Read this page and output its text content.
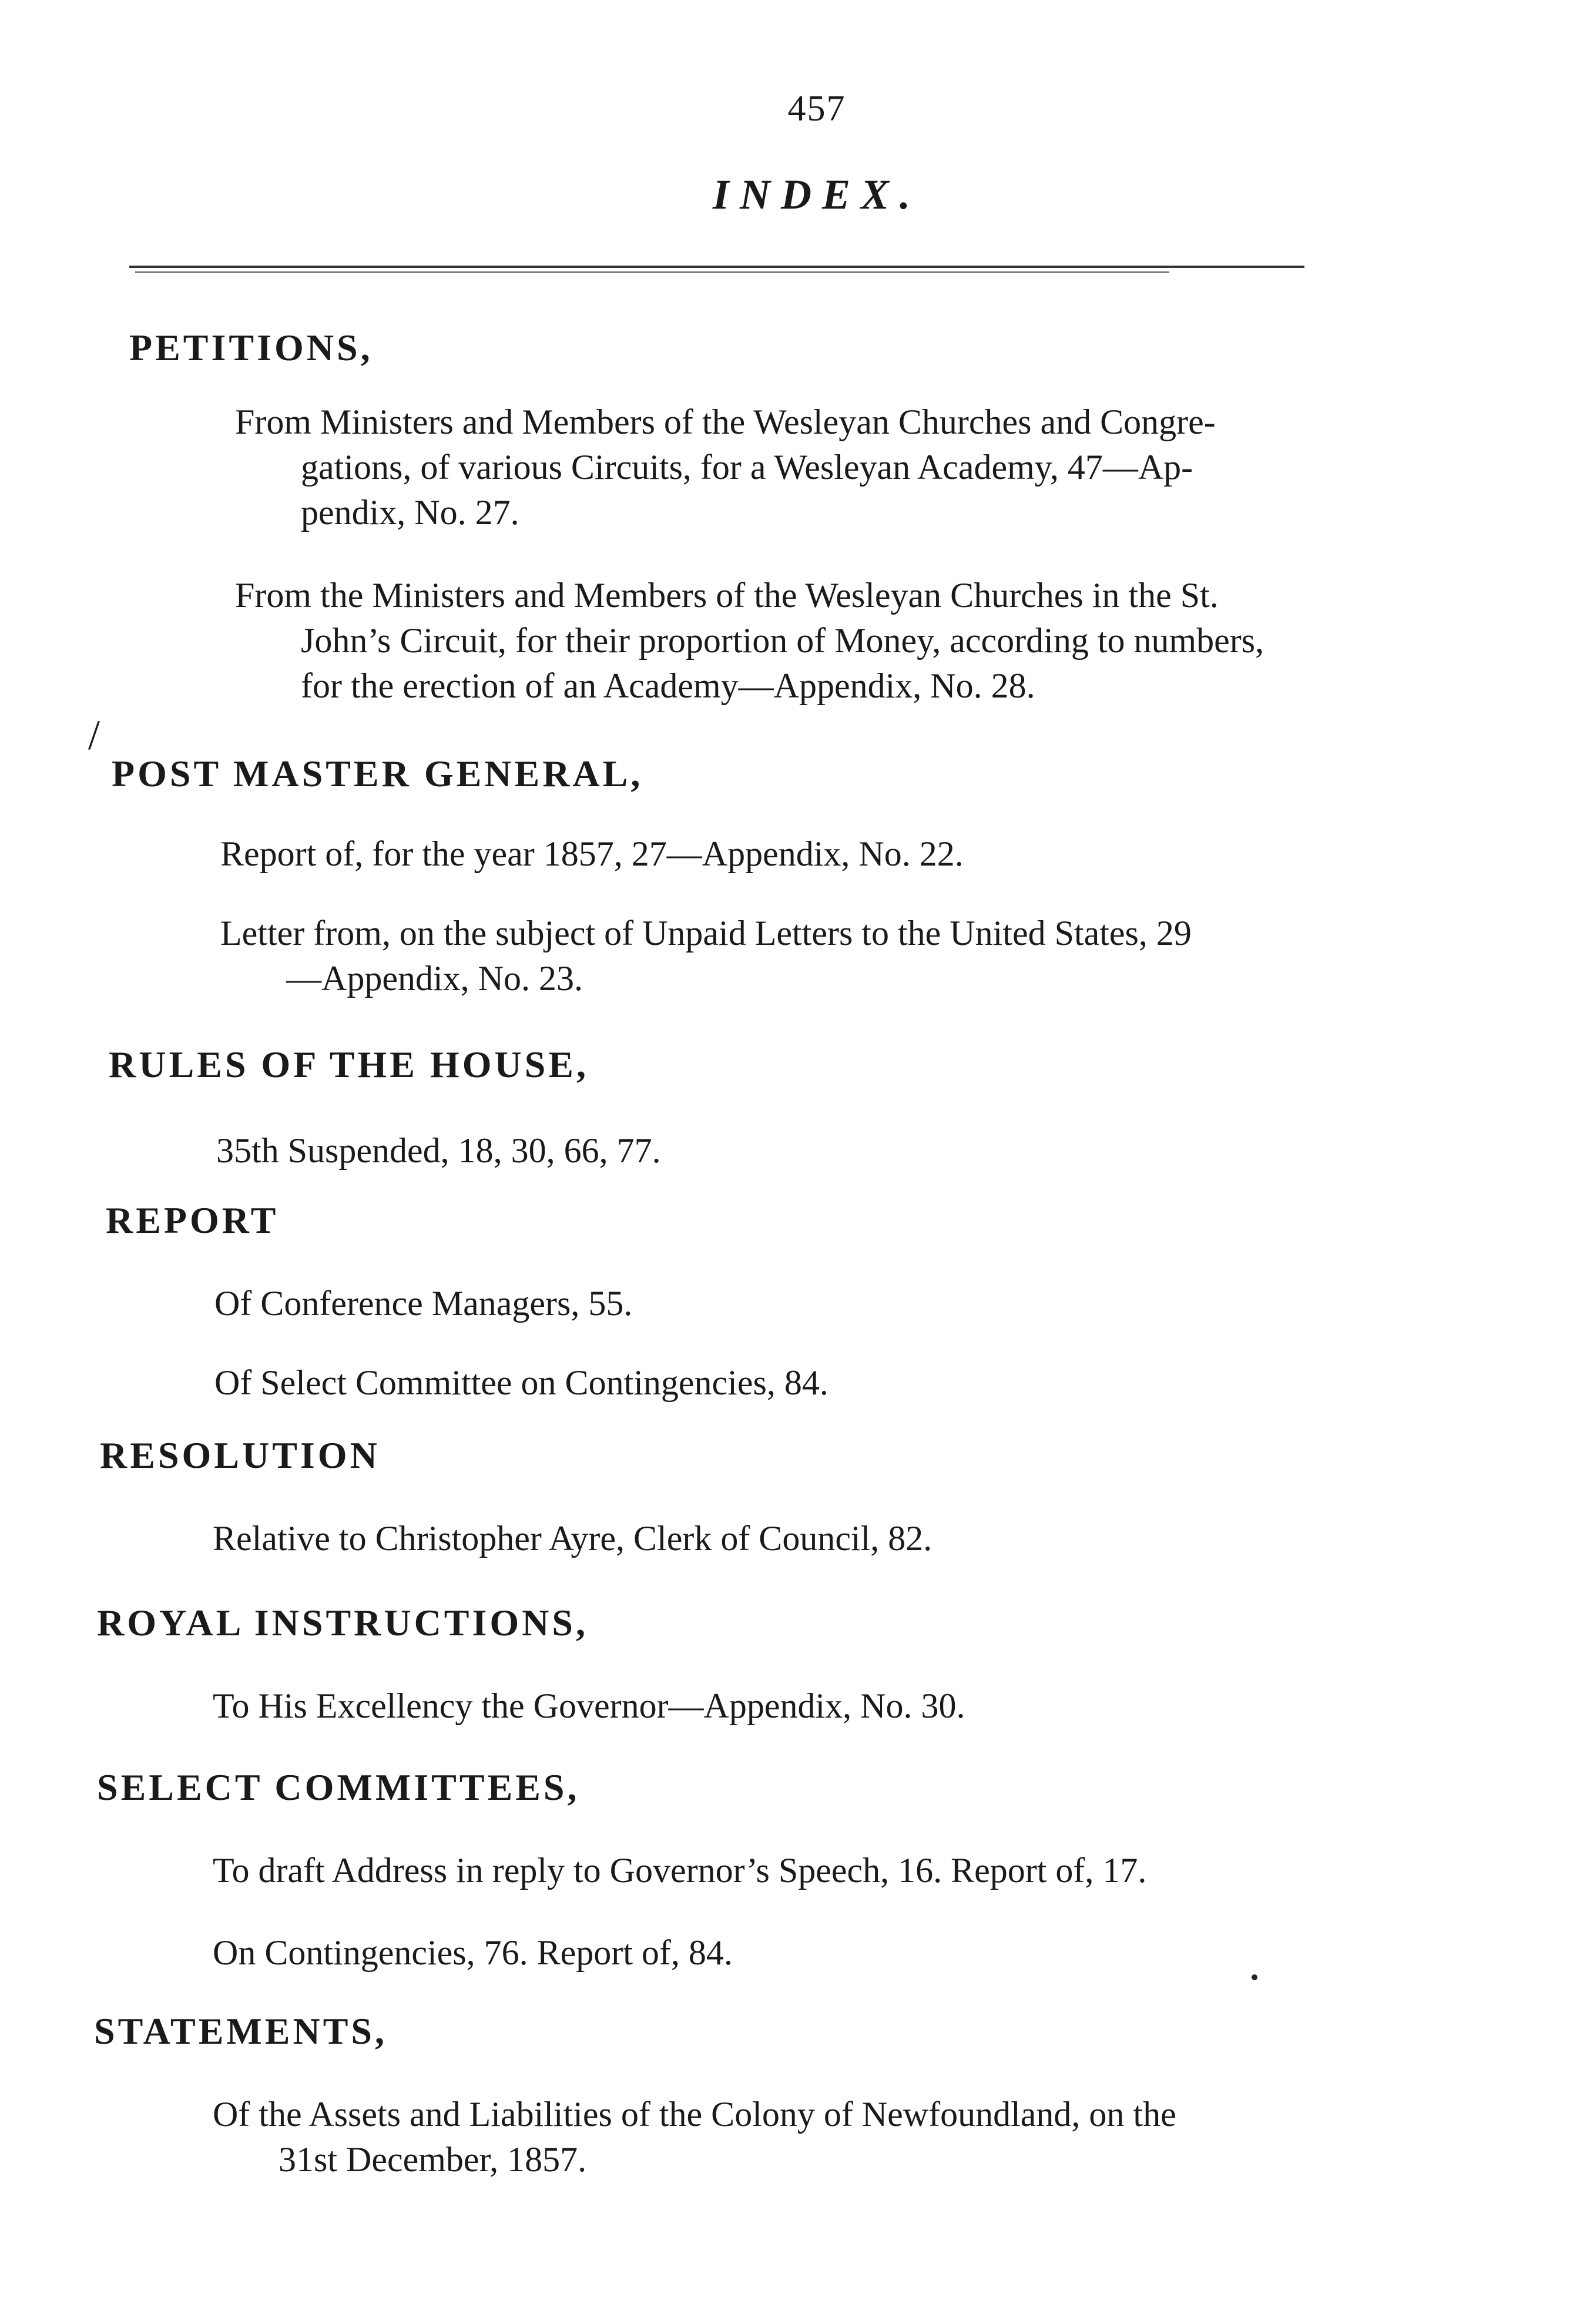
457
INDEX.
/
PETITIONS,
From Ministers and Members of the Wesleyan Churches and Congre-
gations, of various Circuits, for a Wesleyan Academy, 47—Ap-
pendix, No. 27.
From the Ministers and Members of the Wesleyan Churches in the St.
John’s Circuit, for their proportion of Money, according to numbers,
for the erection of an Academy—Appendix, No. 28.
POST MASTER GENERAL,
Report of, for the year 1857, 27—Appendix, No. 22.
Letter from, on the subject of Unpaid Letters to the United States, 29
—Appendix, No. 23.
RULES OF THE HOUSE,
35th Suspended, 18, 30, 66, 77.
REPORT
Of Conference Managers, 55.
Of Select Committee on Contingencies, 84.
RESOLUTION
Relative to Christopher Ayre, Clerk of Council, 82.
ROYAL INSTRUCTIONS,
To His Excellency the Governor—Appendix, No. 30.
SELECT COMMITTEES,
To draft Address in reply to Governor’s Speech, 16. Report of, 17.
On Contingencies, 76. Report of, 84.
STATEMENTS,
Of the Assets and Liabilities of the Colony of Newfoundland, on the
31st December, 1857.
